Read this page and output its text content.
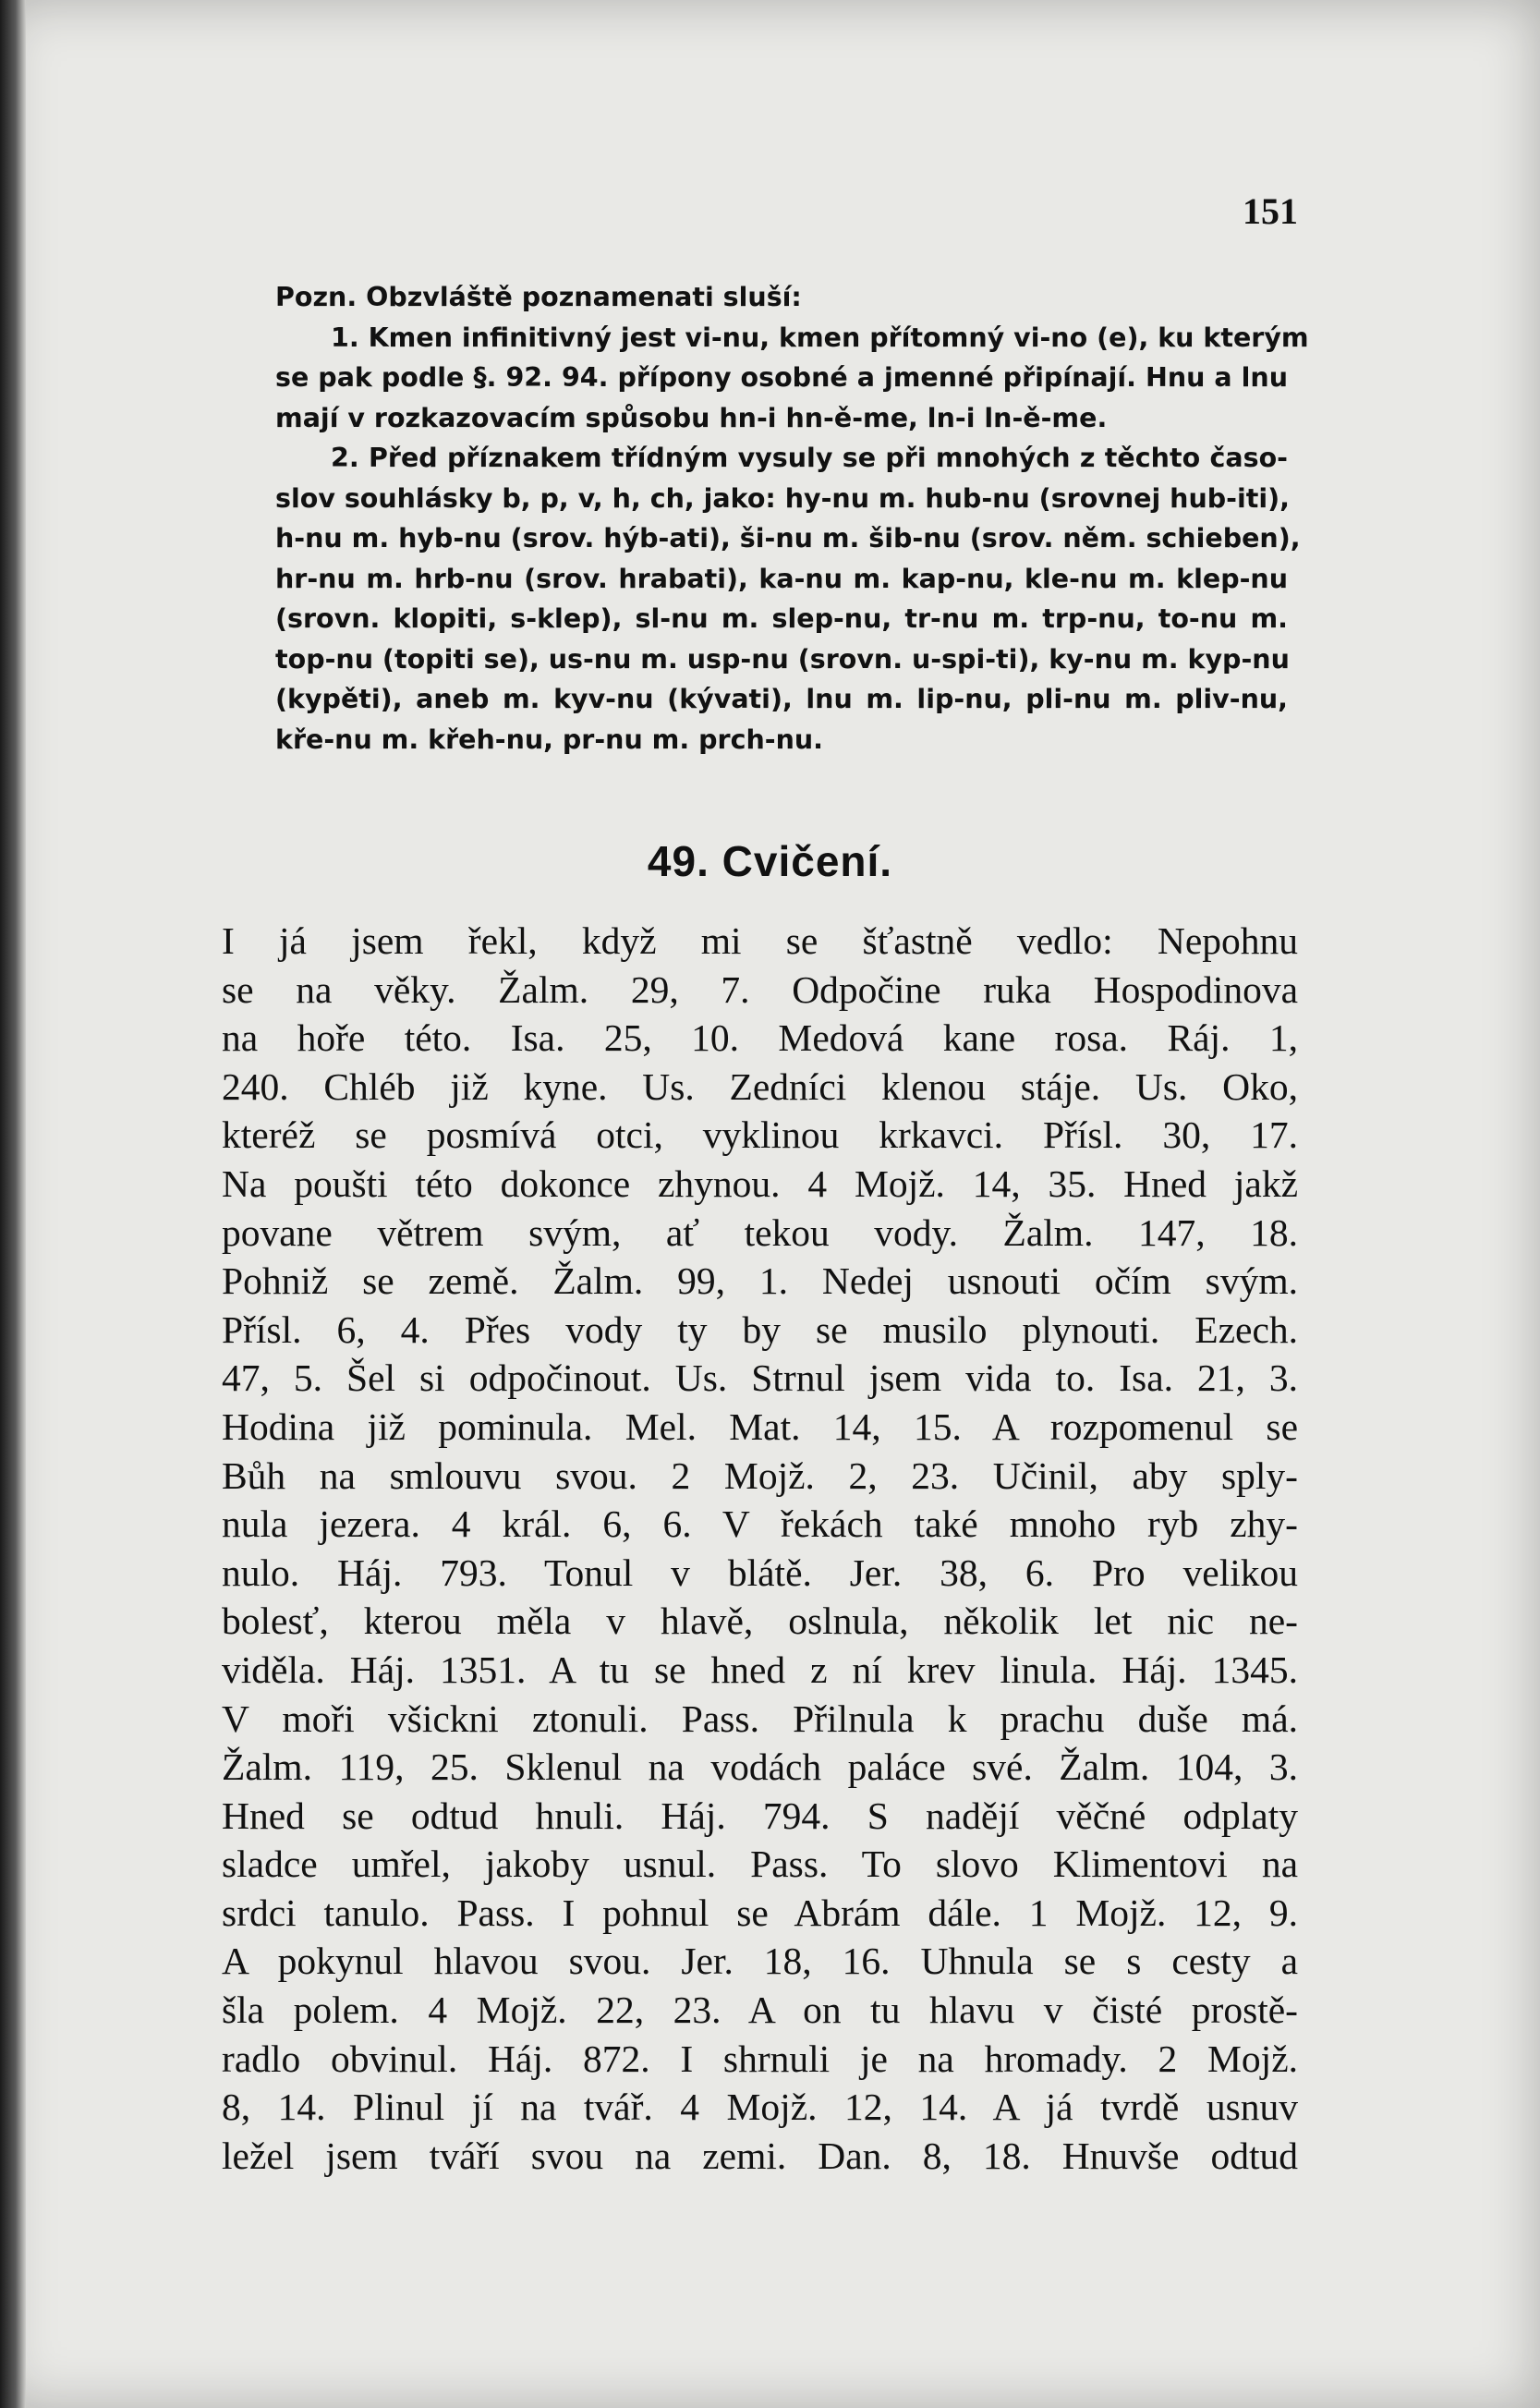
151
Pozn. Obzvláště poznamenati sluší:
1. Kmen infinitivný jest vi-nu, kmen přítomný vi-no (e), ku kterým
se pak podle §. 92. 94. přípony osobné a jmenné připínají. Hnu a lnu
mají v rozkazovacím spůsobu hn-i hn-ě-me, ln-i ln-ě-me.
2. Před příznakem třídným vysuly se při mnohých z těchto časo-
slov souhlásky b, p, v, h, ch, jako: hy-nu m. hub-nu (srovnej hub-iti),
h-nu m. hyb-nu (srov. hýb-ati), ši-nu m. šib-nu (srov. něm. schieben),
hr-nu m. hrb-nu (srov. hrabati), ka-nu m. kap-nu, kle-nu m. klep-nu
(srovn. klopiti, s-klep), sl-nu m. slep-nu, tr-nu m. trp-nu, to-nu m.
top-nu (topiti se), us-nu m. usp-nu (srovn. u-spi-ti), ky-nu m. kyp-nu
(kypěti), aneb m. kyv-nu (kývati), lnu m. lip-nu, pli-nu m. pliv-nu,
kře-nu m. křeh-nu, pr-nu m. prch-nu.
49. Cvičení.
I já jsem řekl, když mi se šťastně vedlo: Nepohnu
se na věky. Žalm. 29, 7. Odpočine ruka Hospodinova
na hoře této. Isa. 25, 10. Medová kane rosa. Ráj. 1,
240. Chléb již kyne. Us. Zedníci klenou stáje. Us. Oko,
kteréž se posmívá otci, vyklinou krkavci. Přísl. 30, 17.
Na poušti této dokonce zhynou. 4 Mojž. 14, 35. Hned jakž
povane větrem svým, ať tekou vody. Žalm. 147, 18.
Pohniž se země. Žalm. 99, 1. Nedej usnouti očím svým.
Přísl. 6, 4. Přes vody ty by se musilo plynouti. Ezech.
47, 5. Šel si odpočinout. Us. Strnul jsem vida to. Isa. 21, 3.
Hodina již pominula. Mel. Mat. 14, 15. A rozpomenul se
Bůh na smlouvu svou. 2 Mojž. 2, 23. Učinil, aby sply-
nula jezera. 4 král. 6, 6. V řekách také mnoho ryb zhy-
nulo. Háj. 793. Tonul v blátě. Jer. 38, 6. Pro velikou
bolesť, kterou měla v hlavě, oslnula, několik let nic ne-
viděla. Háj. 1351. A tu se hned z ní krev linula. Háj. 1345.
V moři všickni ztonuli. Pass. Přilnula k prachu duše má.
Žalm. 119, 25. Sklenul na vodách paláce své. Žalm. 104, 3.
Hned se odtud hnuli. Háj. 794. S nadějí věčné odplaty
sladce umřel, jakoby usnul. Pass. To slovo Klimentovi na
srdci tanulo. Pass. I pohnul se Abrám dále. 1 Mojž. 12, 9.
A pokynul hlavou svou. Jer. 18, 16. Uhnula se s cesty a
šla polem. 4 Mojž. 22, 23. A on tu hlavu v čisté prostě-
radlo obvinul. Háj. 872. I shrnuli je na hromady. 2 Mojž.
8, 14. Plinul jí na tvář. 4 Mojž. 12, 14. A já tvrdě usnuv
ležel jsem tváří svou na zemi. Dan. 8, 18. Hnuvše odtud
